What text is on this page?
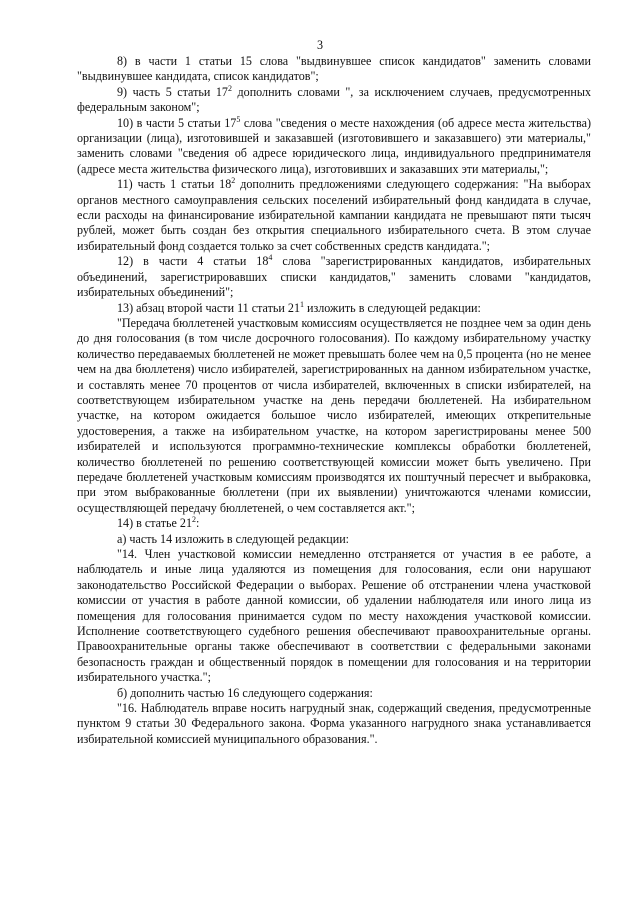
3

8) в части 1 статьи 15 слова "выдвинувшее список кандидатов" заменить словами "выдвинувшее кандидата, список кандидатов";

9) часть 5 статьи $17^2$ дополнить словами ", за исключением случаев, предусмотренных федеральным законом";

10) в части 5 статьи $17^5$ слова "сведения о месте нахождения (об адресе места жительства) организации (лица), изготовившей и заказавшей (изготовившего и заказавшего) эти материалы," заменить словами "сведения об адресе юридического лица, индивидуального предпринимателя (адресе места жительства физического лица), изготовивших и заказавших эти материалы,";

11) часть 1 статьи $18^2$ дополнить предложениями следующего содержания: "На выборах органов местного самоуправления сельских поселений избирательный фонд кандидата в случае, если расходы на финансирование избирательной кампании кандидата не превышают пяти тысяч рублей, может быть создан без открытия специального избирательного счета. В этом случае избирательный фонд создается только за счет собственных средств кандидата.";

12) в части 4 статьи $18^4$ слова "зарегистрированных кандидатов, избирательных объединений, зарегистрировавших списки кандидатов," заменить словами "кандидатов, избирательных объединений";

13) абзац второй части 11 статьи $21^1$ изложить в следующей редакции:

"Передача бюллетеней участковым комиссиям осуществляется не позднее чем за один день до дня голосования (в том числе досрочного голосования). По каждому избирательному участку количество передаваемых бюллетеней не может превышать более чем на 0,5 процента (но не менее чем на два бюллетеня) число избирателей, зарегистрированных на данном избирательном участке, и составлять менее 70 процентов от числа избирателей, включенных в списки избирателей, на соответствующем избирательном участке на день передачи бюллетеней. На избирательном участке, на котором ожидается большое число избирателей, имеющих открепительные удостоверения, а также на избирательном участке, на котором зарегистрированы менее 500 избирателей и используются программно-технические комплексы обработки бюллетеней, количество бюллетеней по решению соответствующей комиссии может быть увеличено. При передаче бюллетеней участковым комиссиям производятся их поштучный пересчет и выбраковка, при этом выбракованные бюллетени (при их выявлении) уничтожаются членами комиссии, осуществляющей передачу бюллетеней, о чем составляется акт.";

14) в статье $21^2$:

а) часть 14 изложить в следующей редакции:

"14. Член участковой комиссии немедленно отстраняется от участия в ее работе, а наблюдатель и иные лица удаляются из помещения для голосования, если они нарушают законодательство Российской Федерации о выборах. Решение об отстранении члена участковой комиссии от участия в работе данной комиссии, об удалении наблюдателя или иного лица из помещения для голосования принимается судом по месту нахождения участковой комиссии. Исполнение соответствующего судебного решения обеспечивают правоохранительные органы. Правоохранительные органы также обеспечивают в соответствии с федеральными законами безопасность граждан и общественный порядок в помещении для голосования и на территории избирательного участка.";

б) дополнить частью 16 следующего содержания:

"16. Наблюдатель вправе носить нагрудный знак, содержащий сведения, предусмотренные пунктом 9 статьи 30 Федерального закона. Форма указанного нагрудного знака устанавливается избирательной комиссией муниципального образования.".
